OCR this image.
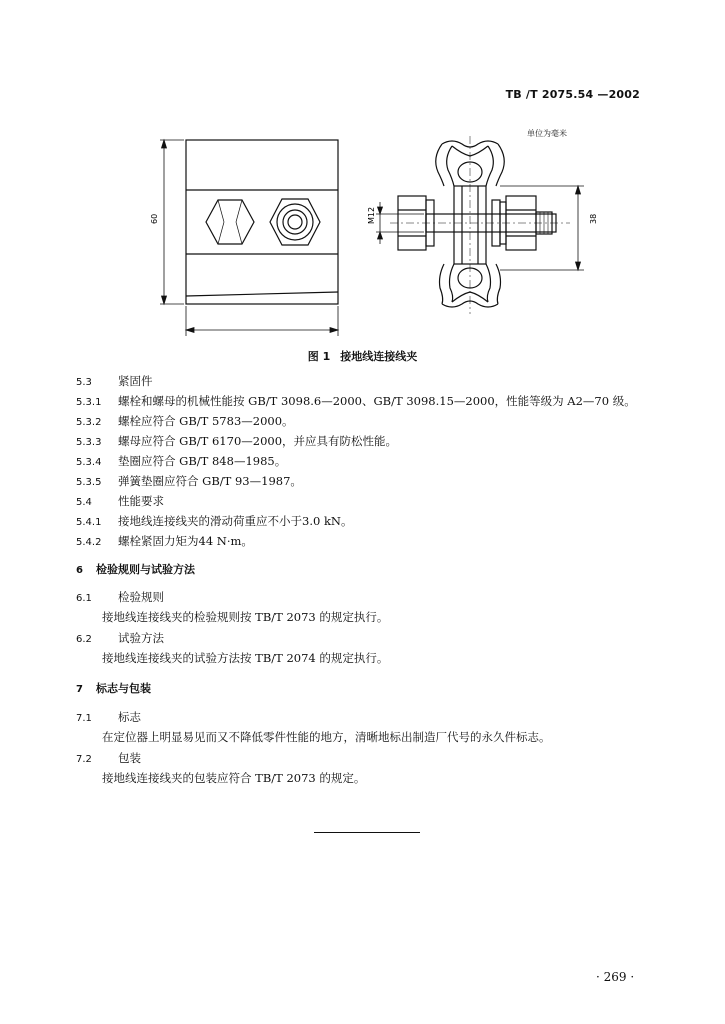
TB /T 2075.54 —2002
单位为毫米
60	M12	38
图 1 接地线连接线夹
5.3 紧固件
5.3.1 螺栓和螺母的机械性能按 GB/T 3098.6—2000、GB/T 3098.15—2000，性能等级为 A2—70 级。
5.3.2 螺栓应符合 GB/T 5783—2000。
5.3.3 螺母应符合 GB/T 6170—2000，并应具有防松性能。
5.3.4 垫圈应符合 GB/T 848—1985。
5.3.5 弹簧垫圈应符合 GB/T 93—1987。
5.4 性能要求
5.4.1 接地线连接线夹的滑动荷重应不小于3.0 kN。
5.4.2 螺栓紧固力矩为44 N·m。
6 检验规则与试验方法
6.1 检验规则
接地线连接线夹的检验规则按 TB/T 2073 的规定执行。
6.2 试验方法
接地线连接线夹的试验方法按 TB/T 2074 的规定执行。
7 标志与包装
7.1 标志
在定位器上明显易见而又不降低零件性能的地方，清晰地标出制造厂代号的永久件标志。
7.2 包装
接地线连接线夹的包装应符合 TB/T 2073 的规定。
· 269 ·
